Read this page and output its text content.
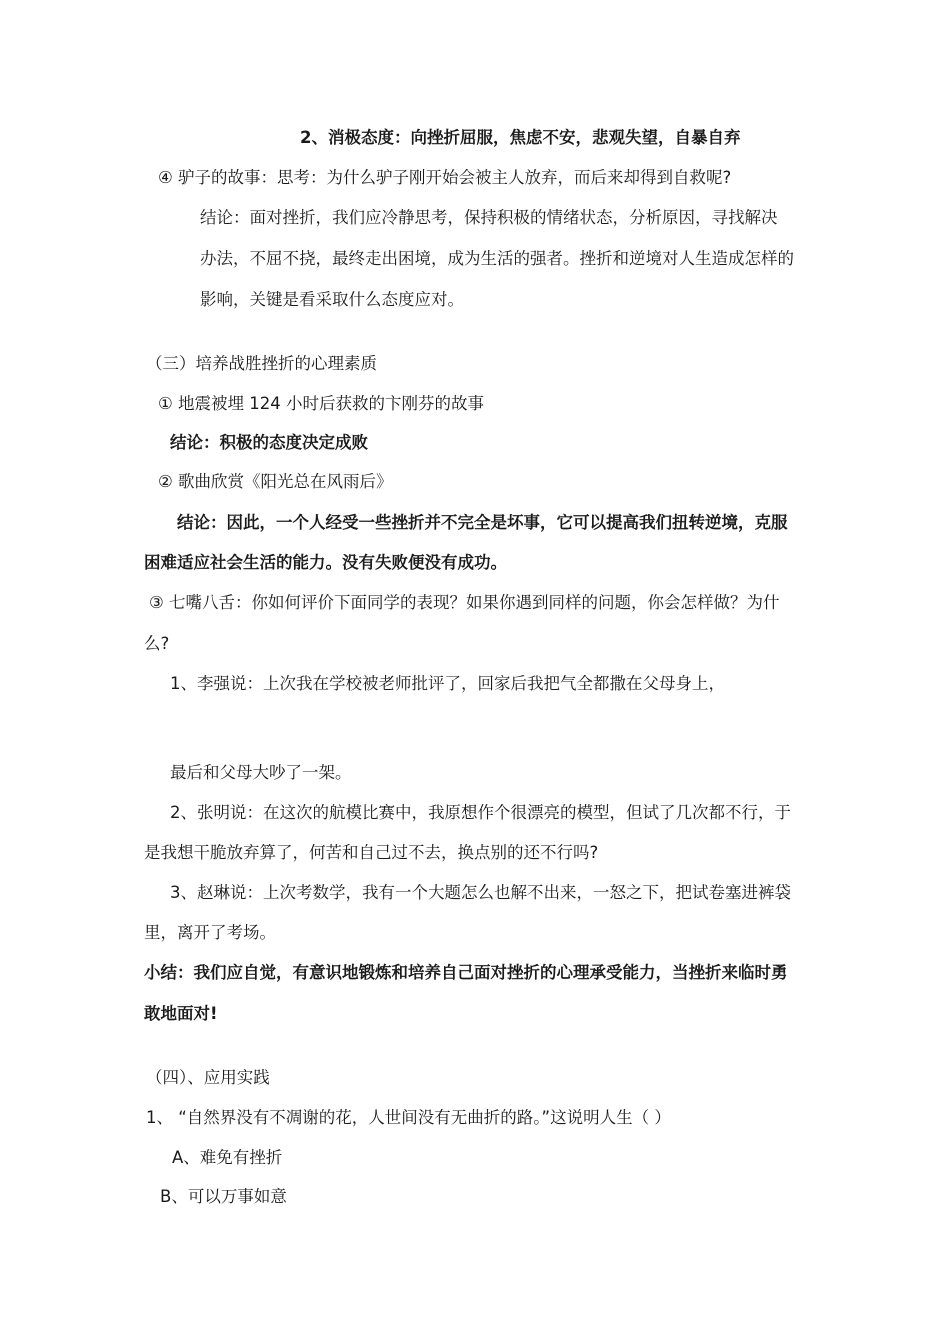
2、消极态度：向挫折屈服，焦虑不安，悲观失望，自暴自弃
④ 驴子的故事：思考：为什么驴子刚开始会被主人放弃，而后来却得到自救呢?
结论：面对挫折，我们应冷静思考，保持积极的情绪状态，分析原因，寻找解决
办法，不屈不挠，最终走出困境，成为生活的强者。挫折和逆境对人生造成怎样的
影响，关键是看采取什么态度应对。
（三）培养战胜挫折的心理素质
① 地震被埋 124 小时后获救的卞刚芬的故事
结论：积极的态度决定成败
② 歌曲欣赏《阳光总在风雨后》
结论：因此，一个人经受一些挫折并不完全是坏事，它可以提高我们扭转逆境，克服
困难适应社会生活的能力。没有失败便没有成功。
③ 七嘴八舌：你如何评价下面同学的表现？如果你遇到同样的问题，你会怎样做？为什
么?
1、李强说：上次我在学校被老师批评了，回家后我把气全都撒在父母身上，
最后和父母大吵了一架。
2、张明说：在这次的航模比赛中，我原想作个很漂亮的模型，但试了几次都不行，于
是我想干脆放弃算了，何苦和自己过不去，换点别的还不行吗?
3、赵琳说：上次考数学，我有一个大题怎么也解不出来，一怒之下，把试卷塞进裤袋
里，离开了考场。
小结：我们应自觉，有意识地锻炼和培养自己面对挫折的心理承受能力，当挫折来临时勇
敢地面对!
（四）、应用实践
1、 “自然界没有不凋谢的花，人世间没有无曲折的路。”这说明人生（ ）
A、难免有挫折
B、可以万事如意
